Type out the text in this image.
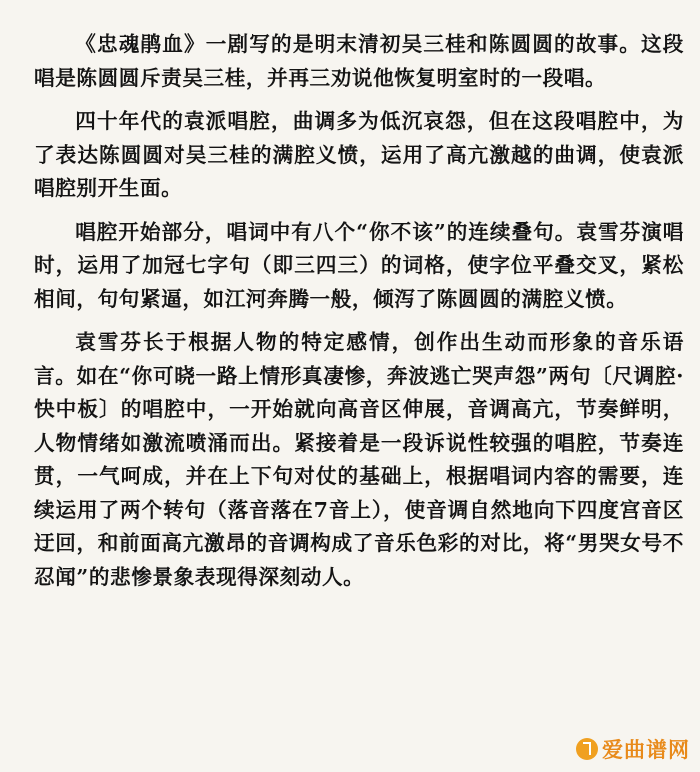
《忠魂鹃血》一剧写的是明末清初吴三桂和陈圆圆的故事。这段唱是陈圆圆斥责吴三桂，并再三劝说他恢复明室时的一段唱。

四十年代的袁派唱腔，曲调多为低沉哀怨，但在这段唱腔中，为了表达陈圆圆对吴三桂的满腔义愤，运用了高亢激越的曲调，使袁派唱腔别开生面。

唱腔开始部分，唱词中有八个“你不该”的连续叠句。袁雪芬演唱时，运用了加冠七字句（即三四三）的词格，使字位平叠交叉，紧松相间，句句紧逼，如江河奔腾一般，倾泻了陈圆圆的满腔义愤。

袁雪芬长于根据人物的特定感情，创作出生动而形象的音乐语言。如在“你可晓一路上情形真凄惨，奔波逃亡哭声怨”两句〔尺调腔·快中板〕的唱腔中，一开始就向高音区伸展，音调高亢，节奏鲜明，人物情绪如激流喷涌而出。紧接着是一段诉说性较强的唱腔，节奏连贯，一气呵成，并在上下句对仗的基础上，根据唱词内容的需要，连续运用了两个转句（落音落在7音上），使音调自然地向下四度宫音区迂回，和前面高亢激昂的音调构成了音乐色彩的对比，将“男哭女号不忍闻”的悲惨景象表现得深刻动人。

爱曲谱网
